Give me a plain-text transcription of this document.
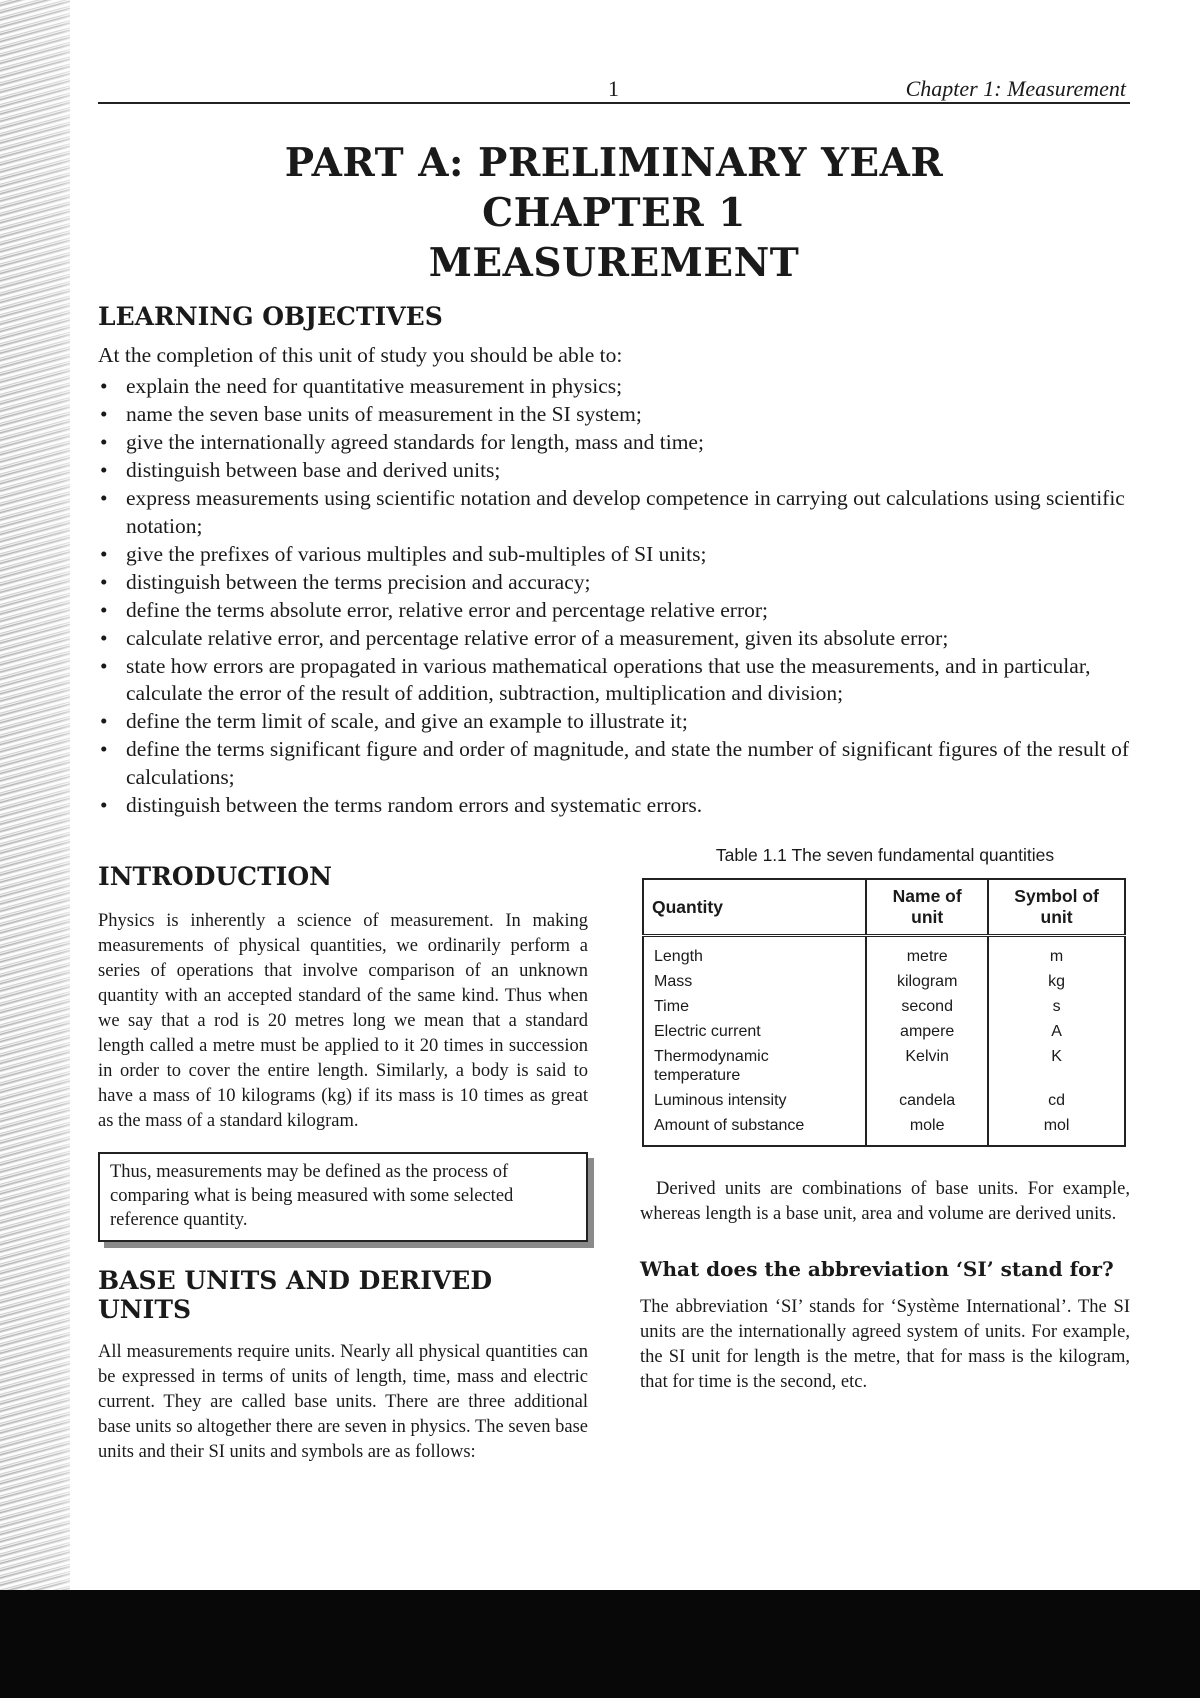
1	Chapter 1: Measurement
PART A: PRELIMINARY YEAR
CHAPTER 1
MEASUREMENT
LEARNING OBJECTIVES

At the completion of this unit of study you should be able to:

• explain the need for quantitative measurement in physics;
• name the seven base units of measurement in the SI system;
• give the internationally agreed standards for length, mass and time;
• distinguish between base and derived units;
• express measurements using scientific notation and develop competence in carrying out calculations using scientific notation;
• give the prefixes of various multiples and sub-multiples of SI units;
• distinguish between the terms precision and accuracy;
• define the terms absolute error, relative error and percentage relative error;
• calculate relative error, and percentage relative error of a measurement, given its absolute error;
• state how errors are propagated in various mathematical operations that use the measurements, and in particular, calculate the error of the result of addition, subtraction, multiplication and division;
• define the term limit of scale, and give an example to illustrate it;
• define the terms significant figure and order of magnitude, and state the number of significant figures of the result of calculations;
• distinguish between the terms random errors and systematic errors.
INTRODUCTION

Physics is inherently a science of measurement. In making measurements of physical quantities, we ordinarily perform a series of operations that involve comparison of an unknown quantity with an accepted standard of the same kind. Thus when we say that a rod is 20 metres long we mean that a standard length called a metre must be applied to it 20 times in succession in order to cover the entire length. Similarly, a body is said to have a mass of 10 kilograms (kg) if its mass is 10 times as great as the mass of a standard kilogram.

Thus, measurements may be defined as the process of comparing what is being measured with some selected reference quantity.
BASE UNITS AND DERIVED UNITS

All measurements require units. Nearly all physical quantities can be expressed in terms of units of length, time, mass and electric current. They are called base units. There are three additional base units so altogether there are seven in physics. The seven base units and their SI units and symbols are as follows:

Table 1.1 The seven fundamental quantities
Quantity	Name of unit	Symbol of unit
Length	metre	m
Mass	kilogram	kg
Time	second	s
Electric current	ampere	A
Thermodynamic temperature	Kelvin	K
Luminous intensity	candela	cd
Amount of substance	mole	mol

Derived units are combinations of base units. For example, whereas length is a base unit, area and volume are derived units.

What does the abbreviation ‘SI’ stand for?

The abbreviation ‘SI’ stands for ‘Système International’. The SI units are the internationally agreed system of units. For example, the SI unit for length is the metre, that for mass is the kilogram, that for time is the second, etc.
